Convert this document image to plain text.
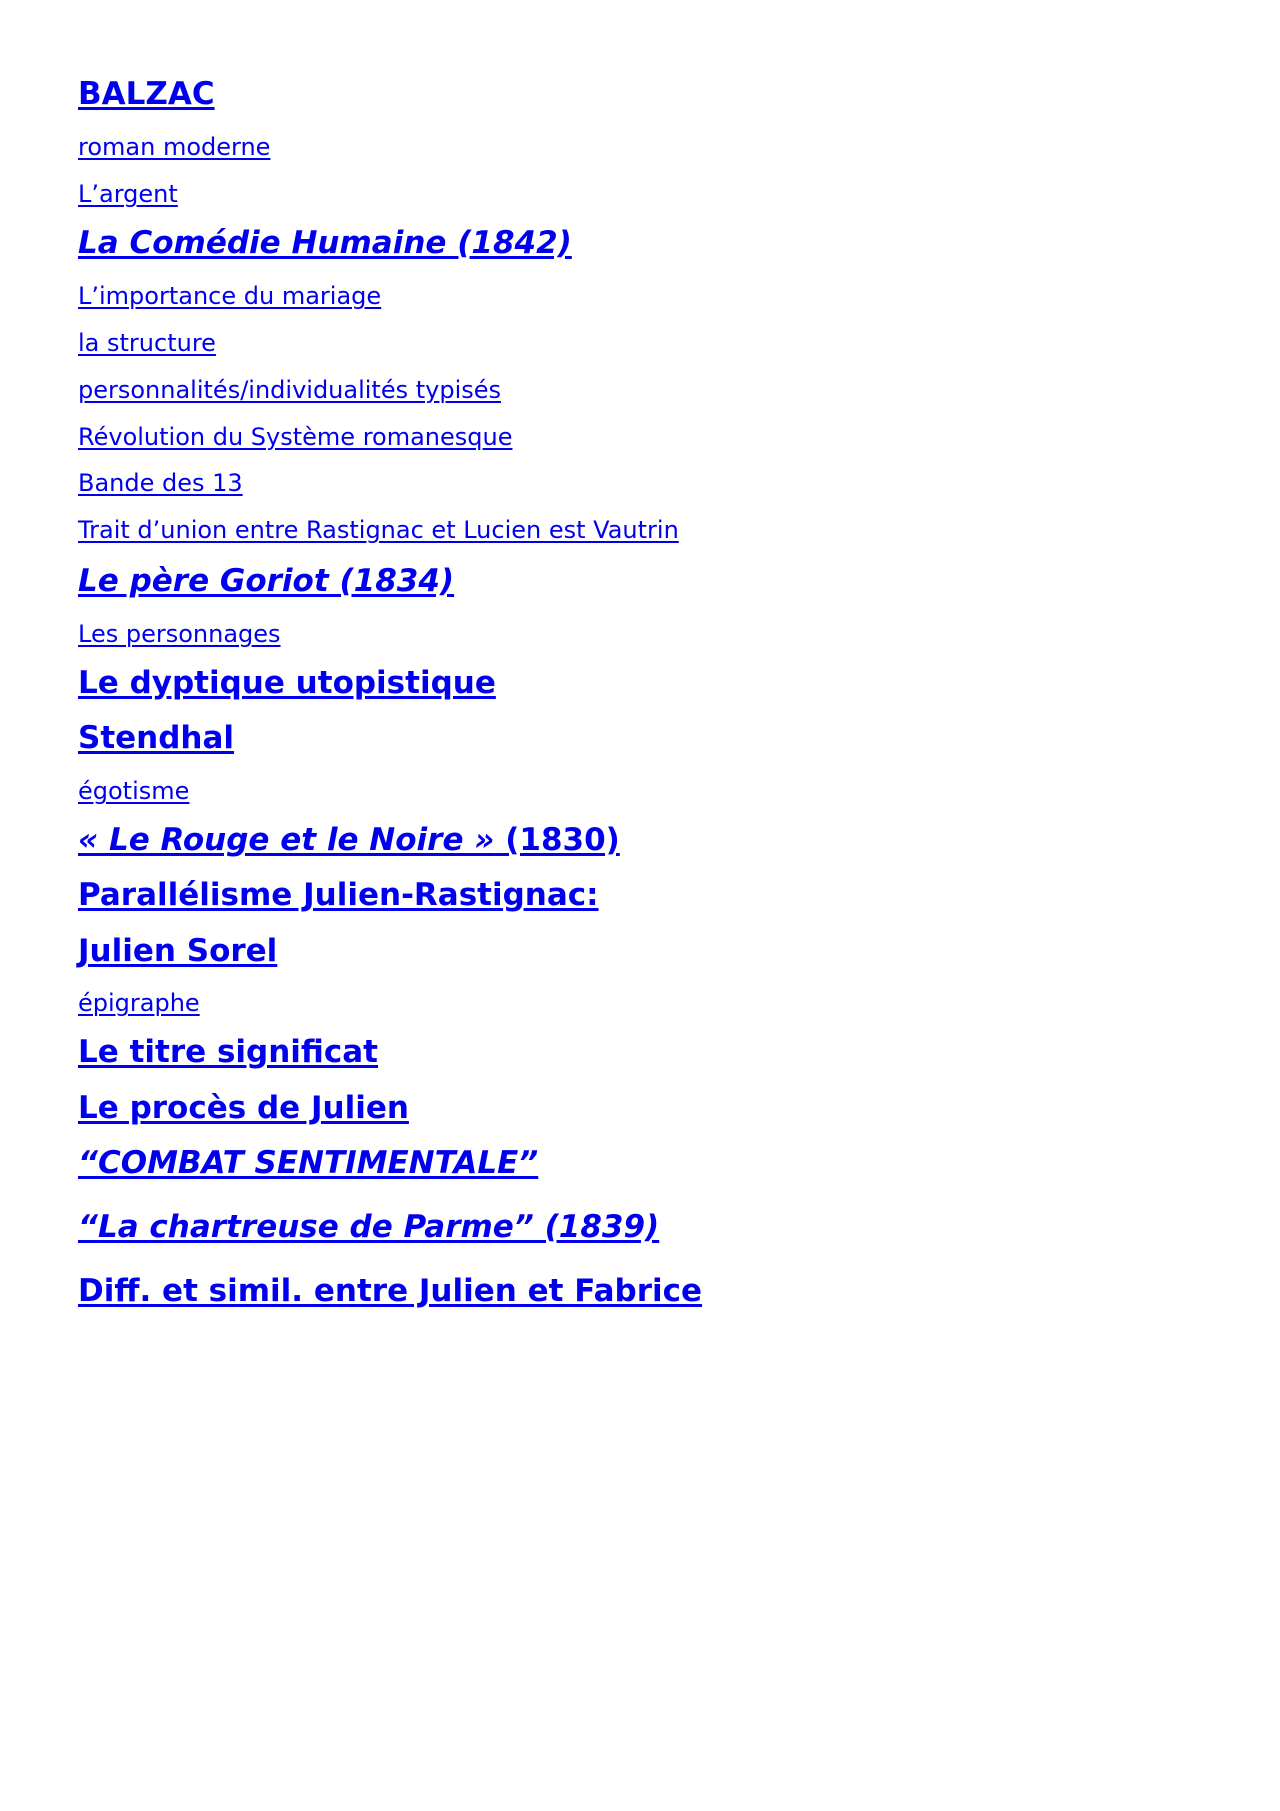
BALZAC
roman moderne
L’argent
La Comédie Humaine (1842)
L’importance du mariage
la structure
personnalités/individualités typisés
Révolution du Système romanesque
Bande des 13
Trait d’union entre Rastignac et Lucien est Vautrin
Le père Goriot (1834)
Les personnages
Le dyptique utopistique
Stendhal
égotisme
« Le Rouge et le Noire » (1830)
Parallélisme Julien-Rastignac:
Julien Sorel
épigraphe
Le titre significat
Le procès de Julien
“COMBAT SENTIMENTALE”
“La chartreuse de Parme” (1839)
Diff. et simil. entre Julien et Fabrice
